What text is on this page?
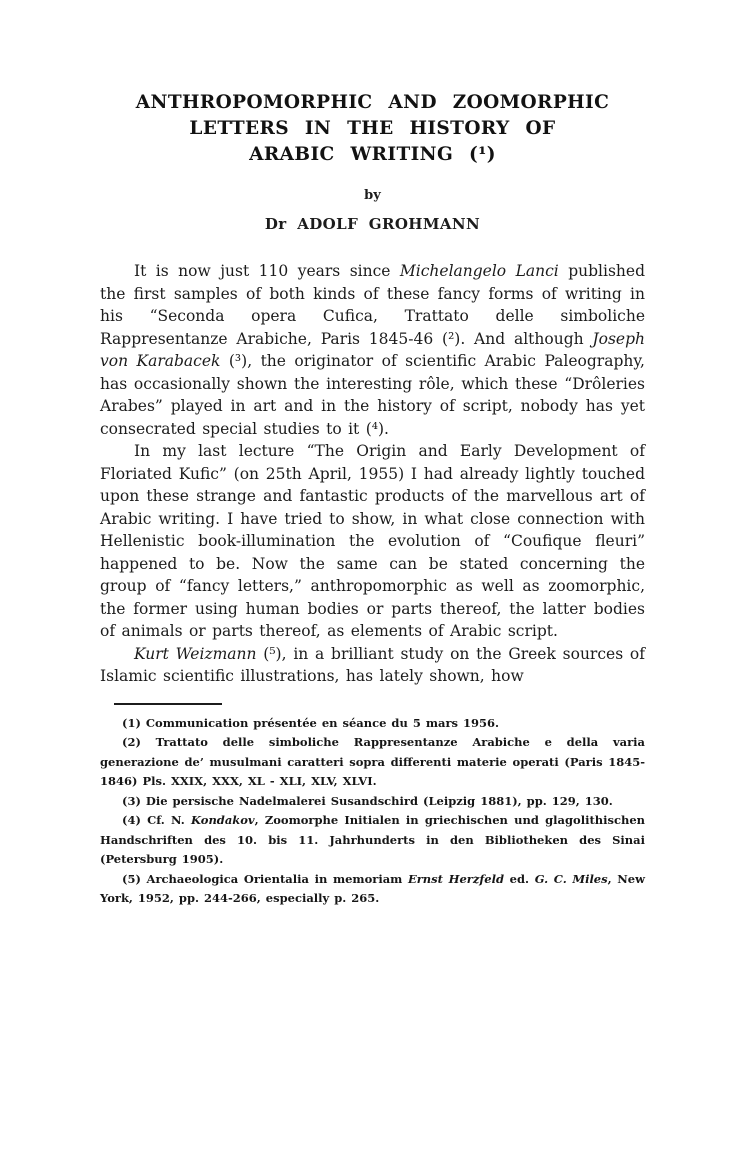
ANTHROPOMORPHIC AND ZOOMORPHIC
LETTERS IN THE HISTORY OF
ARABIC WRITING (¹)
by
Dr ADOLF GROHMANN

It is now just 110 years since Michelangelo Lanci published the first samples of both kinds of these fancy forms of writing in his “Seconda opera Cufica, Trattato delle simboliche Rappresentanze Arabiche, Paris 1845-46 (²). And although Joseph von Karabacek (³), the originator of scientific Arabic Paleography, has occasionally shown the interesting rôle, which these “Drôleries Arabes” played in art and in the history of script, nobody has yet consecrated special studies to it (⁴).

In my last lecture “The Origin and Early Development of Floriated Kufic” (on 25th April, 1955) I had already lightly touched upon these strange and fantastic products of the marvellous art of Arabic writing. I have tried to show, in what close connection with Hellenistic book-illumination the evolution of “Coufique fleuri” happened to be. Now the same can be stated concerning the group of “fancy letters,” anthropomorphic as well as zoomorphic, the former using human bodies or parts thereof, the latter bodies of animals or parts thereof, as elements of Arabic script.

Kurt Weizmann (⁵), in a brilliant study on the Greek sources of Islamic scientific illustrations, has lately shown, how

(1) Communication présentée en séance du 5 mars 1956.

(2) Trattato delle simboliche Rappresentanze Arabiche e della varia generazione de’ musulmani caratteri sopra differenti materie operati (Paris 1845-1846) Pls. XXIX, XXX, XL - XLI, XLV, XLVI.

(3) Die persische Nadelmalerei Susandschird (Leipzig 1881), pp. 129, 130.

(4) Cf. N. Kondakov, Zoomorphe Initialen in griechischen und glagolithischen Handschriften des 10. bis 11. Jahrhunderts in den Bibliotheken des Sinai (Petersburg 1905).

(5) Archaeologica Orientalia in memoriam Ernst Herzfeld ed. G. C. Miles, New York, 1952, pp. 244-266, especially p. 265.
